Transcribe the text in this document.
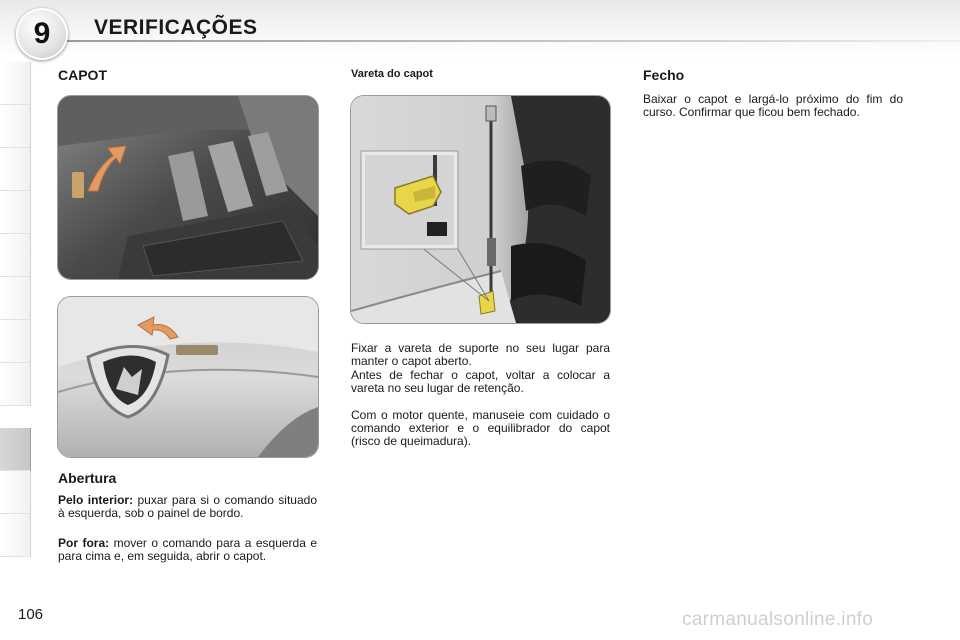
9 VERIFICAÇÕES
CAPOT
Abertura

Pelo interior: puxar para si o comando situado à esquerda, sob o painel de bordo.

Por fora: mover o comando para a esquerda e para cima e, em seguida, abrir o capot.

Vareta do capot

Fixar a vareta de suporte no seu lugar para manter o capot aberto.

Antes de fechar o capot, voltar a colocar a vareta no seu lugar de retenção.

Com o motor quente, manuseie com cuidado o comando exterior e o equilibrador do capot (risco de queimadura).

Fecho

Baixar o capot e largá-lo próximo do fim do curso. Confirmar que ficou bem fechado.

106	carmanualsonline.info
